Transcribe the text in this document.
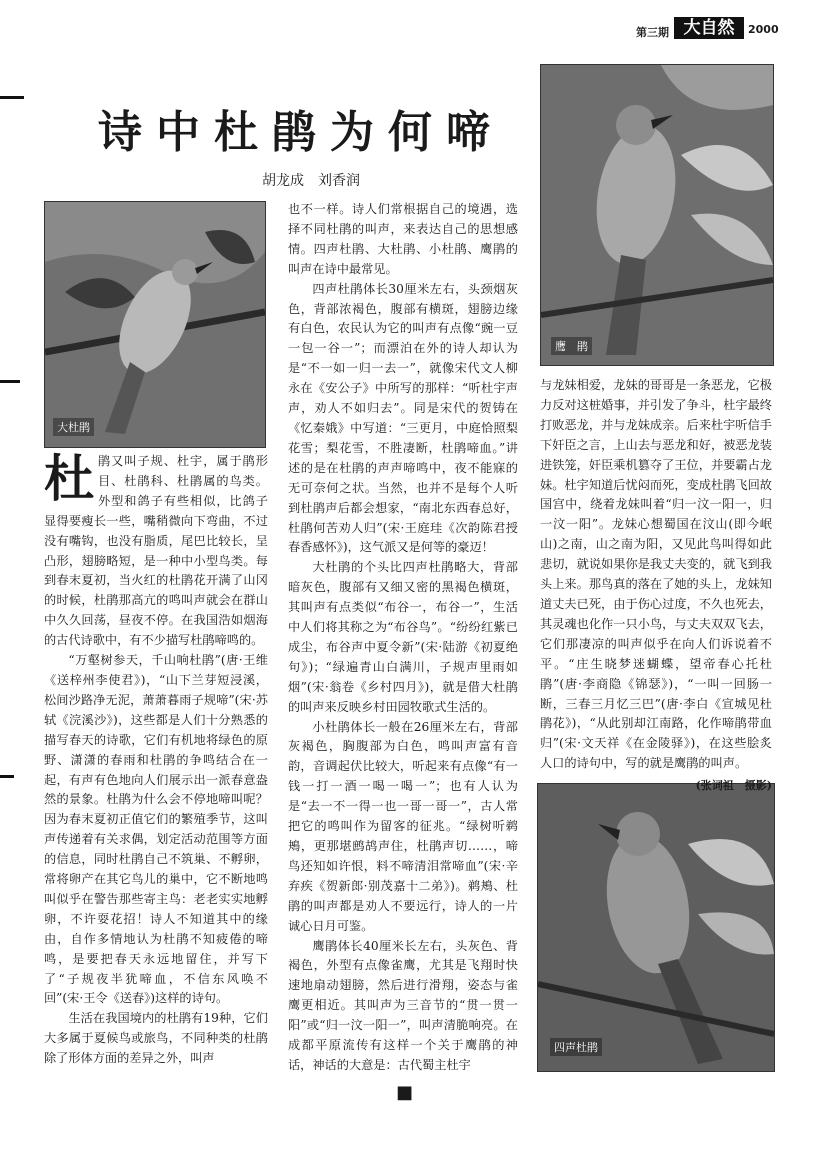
第三期 大自然	2000
诗中杜鹃为何啼
胡龙成　刘香润
大杜鹃
鹰　鹃
四声杜鹃

杜鹃又叫子规、杜宇，属于鹃形目、杜鹃科、杜鹃属的鸟类。外型和鸽子有些相似，比鸽子显得要瘦长一些，嘴稍微向下弯曲，不过没有嘴钩，也没有脂质，尾巴比较长，呈凸形，翅膀略短，是一种中小型鸟类。每到春末夏初，当火红的杜鹃花开满了山冈的时候，杜鹃那高亢的鸣叫声就会在群山中久久回荡，昼夜不停。在我国浩如烟海的古代诗歌中，有不少描写杜鹃啼鸣的。

“万壑树参天，千山响杜鹃”(唐·王维《送梓州李使君》)，“山下兰芽短浸溪，松间沙路净无泥，萧萧暮雨子规啼”(宋·苏轼《浣溪沙》)，这些都是人们十分熟悉的描写春天的诗歌，它们有机地将绿色的原野、潇潇的春雨和杜鹃的争鸣结合在一起，有声有色地向人们展示出一派春意盎然的景象。杜鹃为什么会不停地啼叫呢？因为春末夏初正值它们的繁殖季节，这叫声传递着有关求偶，划定活动范围等方面的信息，同时杜鹃自己不筑巢、不孵卵，常将卵产在其它鸟儿的巢中，它不断地鸣叫似乎在警告那些寄主鸟：老老实实地孵卵，不许耍花招！诗人不知道其中的缘由，自作多情地认为杜鹃不知疲倦的啼鸣，是要把春天永远地留住，并写下了“子规夜半犹啼血，不信东风唤不回”(宋·王令《送春》)这样的诗句。

生活在我国境内的杜鹃有19种，它们大多属于夏候鸟或旅鸟，不同种类的杜鹃除了形体方面的差异之外，叫声

也不一样。诗人们常根据自己的境遇，选择不同杜鹃的叫声，来表达自己的思想感情。四声杜鹃、大杜鹃、小杜鹃、鹰鹃的叫声在诗中最常见。

四声杜鹃体长30厘米左右，头颈烟灰色，背部浓褐色，腹部有横斑，翅膀边缘有白色，农民认为它的叫声有点像“豌一豆一包一谷一”；而漂泊在外的诗人却认为是“不一如一归一去一”，就像宋代文人柳永在《安公子》中所写的那样：“听杜宇声声，劝人不如归去”。同是宋代的贺铸在《忆秦娥》中写道：“三更月，中庭恰照梨花雪；梨花雪，不胜凄断，杜鹃啼血。”讲述的是在杜鹃的声声啼鸣中，夜不能寐的无可奈何之状。当然，也并不是每个人听到杜鹃声后都会想家，“南北东西春总好，杜鹃何苦劝人归”(宋·王庭珪《次韵陈君授春香感怀》)，这气派又是何等的豪迈！

大杜鹃的个头比四声杜鹃略大，背部暗灰色，腹部有又细又密的黑褐色横斑，其叫声有点类似“布谷一，布谷一”，生活中人们将其称之为“布谷鸟”。“纷纷红紫已成尘，布谷声中夏令新”(宋·陆游《初夏绝句》)；“绿遍青山白满川，子规声里雨如烟”(宋·翁卷《乡村四月》)，就是借大杜鹃的叫声来反映乡村田园牧歌式生活的。

小杜鹃体长一般在26厘米左右，背部灰褐色，胸腹部为白色，鸣叫声富有音韵，音调起伏比较大，听起来有点像“有一钱一打一酒一喝一喝一”；也有人认为是“去一不一得一也一哥一哥一”，古人常把它的鸣叫作为留客的征兆。“绿树听鹈鴂，更那堪鹧鸪声住，杜鹃声切……，啼鸟还知如许恨，料不啼清泪常啼血”(宋·辛弃疾《贺新郎·别茂嘉十二弟》)。鹈鴂、杜鹃的叫声都是劝人不要远行，诗人的一片诚心日月可鉴。

鹰鹃体长40厘米长左右，头灰色、背褐色，外型有点像雀鹰，尤其是飞翔时快速地扇动翅膀，然后进行滑翔，姿态与雀鹰更相近。其叫声为三音节的“贯一贯一阳”或“归一汶一阳一”，叫声清脆响亮。在成都平原流传有这样一个关于鹰鹃的神话，神话的大意是：古代蜀主杜宇

与龙妹相爱，龙妹的哥哥是一条恶龙，它极力反对这桩婚事，并引发了争斗，杜宇最终打败恶龙，并与龙妹成亲。后来杜宇听信手下奸臣之言，上山去与恶龙和好，被恶龙装进铁笼，奸臣乘机篡夺了王位，并要霸占龙妹。杜宇知道后忧闷而死，变成杜鹃飞回故国宫中，绕着龙妹叫着“归一汶一阳一，归一汶一阳”。龙妹心想蜀国在汶山(即今岷山)之南，山之南为阳，又见此鸟叫得如此悲切，就说如果你是我丈夫变的，就飞到我头上来。那鸟真的落在了她的头上，龙妹知道丈夫已死，由于伤心过度，不久也死去，其灵魂也化作一只小鸟，与丈夫双双飞去，它们那凄凉的叫声似乎在向人们诉说着不平。“庄生晓梦迷蝴蝶，望帝春心托杜鹃”(唐·李商隐《锦瑟》)，“一叫一回肠一断，三春三月忆三巴”(唐·李白《宣城见杜鹃花》)，“从此别却江南路，化作啼鹃带血归”(宋·文天祥《在金陵驿》)，在这些脍炙人口的诗句中，写的就是鹰鹃的叫声。

(张词祖　摄影)
■
